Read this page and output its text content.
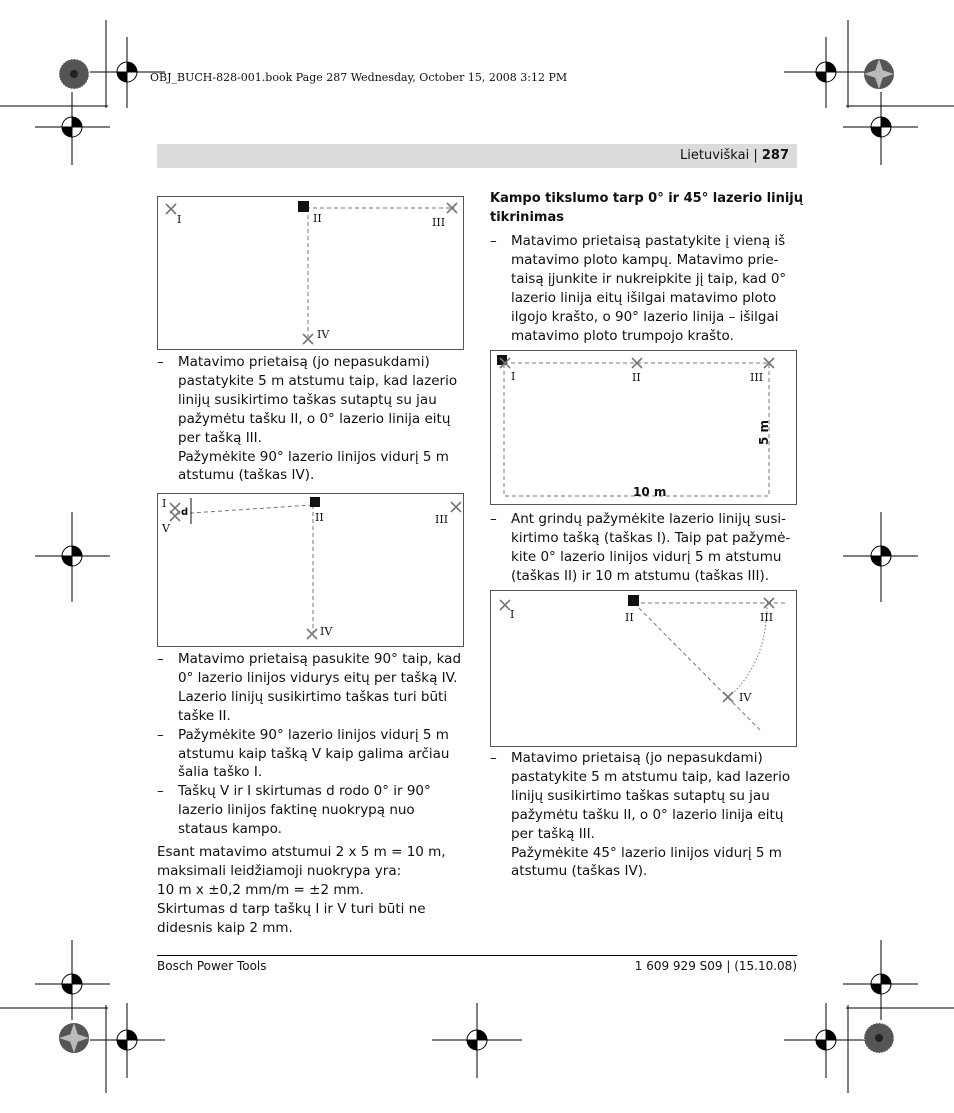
OBJ_BUCH-828-001.book Page 287 Wednesday, October 15, 2008 3:12 PM
Lietuviškai | 287
I	II	III
IV
– Matavimo prietaisą (jo nepasukdami)
pastatykite 5 m atstumu taip, kad lazerio
linijų susikirtimo taškas sutaptų su jau
pažymėtu tašku II, o 0° lazerio linija eitų
per tašką III.
Pažymėkite 90° lazerio linijos vidurį 5 m
atstumu (taškas IV).
I
V
d	II	III
IV
– Matavimo prietaisą pasukite 90° taip, kad
0° lazerio linijos vidurys eitų per tašką IV.
Lazerio linijų susikirtimo taškas turi būti
taške II.
– Pažymėkite 90° lazerio linijos vidurį 5 m
atstumu kaip tašką V kaip galima arčiau
šalia taško I.
– Taškų V ir I skirtumas d rodo 0° ir 90°
lazerio linijos faktinę nuokrypą nuo
stataus kampo.
Esant matavimo atstumui 2 x 5 m = 10 m,
maksimali leidžiamoji nuokrypa yra:
10 m x ±0,2 mm/m = ±2 mm.
Skirtumas d tarp taškų I ir V turi būti ne
didesnis kaip 2 mm.
Kampo tikslumo tarp 0° ir 45° lazerio linijų
tikrinimas
– Matavimo prietaisą pastatykite į vieną iš
matavimo ploto kampų. Matavimo prie-
taisą įjunkite ir nukreipkite jį taip, kad 0°
lazerio linija eitų išilgai matavimo ploto
ilgojo krašto, o 90° lazerio linija – išilgai
matavimo ploto trumpojo krašto.
I	II	III
10 m
5 m
– Ant grindų pažymėkite lazerio linijų susi-
kirtimo tašką (taškas I). Taip pat pažymė-
kite 0° lazerio linijos vidurį 5 m atstumu
(taškas II) ir 10 m atstumu (taškas III).
I	II	III
IV
– Matavimo prietaisą (jo nepasukdami)
pastatykite 5 m atstumu taip, kad lazerio
linijų susikirtimo taškas sutaptų su jau
pažymėtu tašku II, o 0° lazerio linija eitų
per tašką III.
Pažymėkite 45° lazerio linijos vidurį 5 m
atstumu (taškas IV).
Bosch Power Tools	1 609 929 S09 | (15.10.08)
